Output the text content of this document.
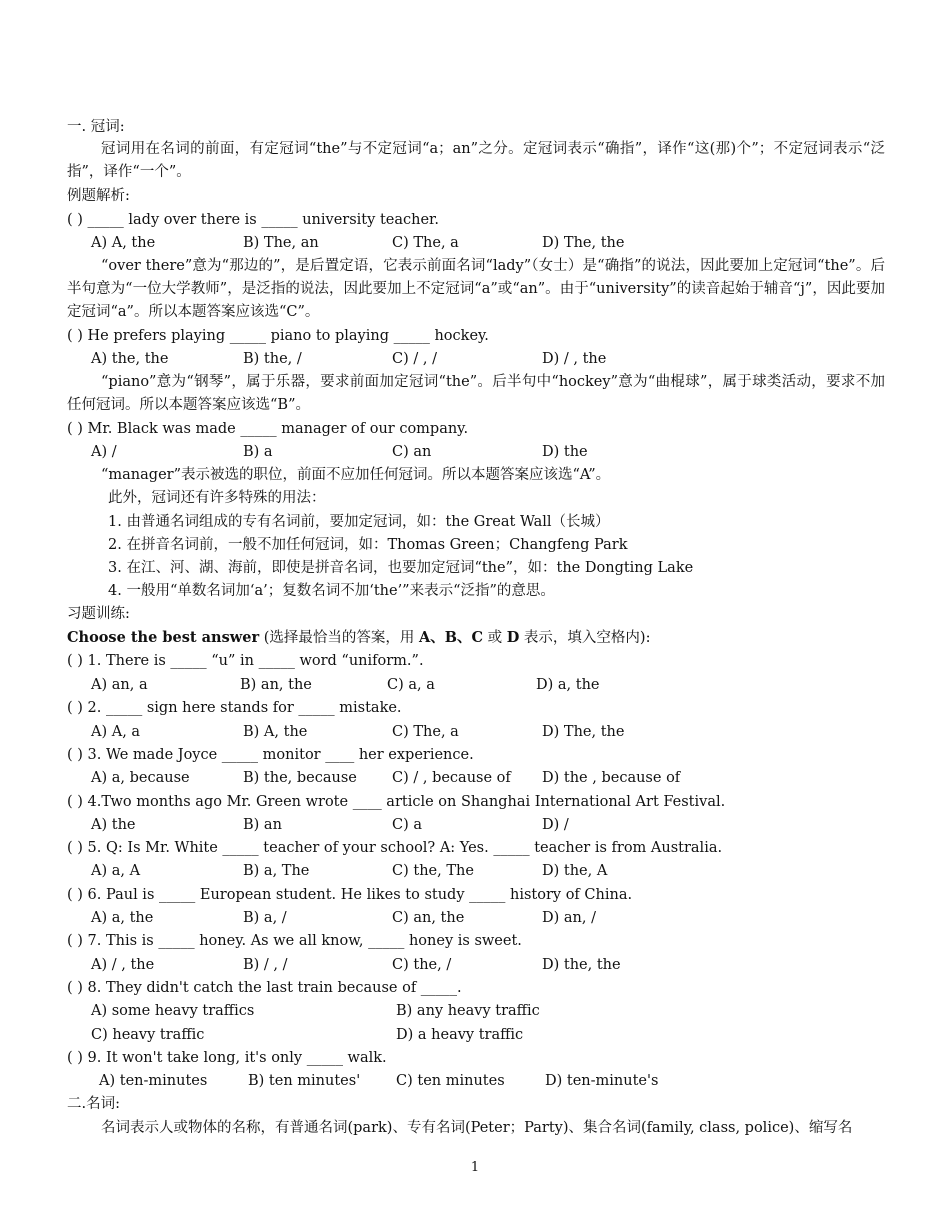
一. 冠词:
冠词用在名词的前面，有定冠词“the”与不定冠词“a；an”之分。定冠词表示“确指”，译作“这(那)个”；不定冠词表示“泛指”，译作“一个”。
例题解析:
( ) _____ lady over there is _____ university teacher.
A) A, the	B) The, an	C) The, a	D) The, the
“over there”意为“那边的”，是后置定语，它表示前面名词“lady”（女士）是“确指”的说法，因此要加上定冠词“the”。后半句意为“一位大学教师”，是泛指的说法，因此要加上不定冠词“a”或“an”。由于“university”的读音起始于辅音“j”，因此要加定冠词“a”。所以本题答案应该选“C”。
( ) He prefers playing _____ piano to playing _____ hockey.
A) the, the	B) the, /	C) / , /	D) / , the
“piano”意为“钢琴”，属于乐器，要求前面加定冠词“the”。后半句中“hockey”意为“曲棍球”，属于球类活动，要求不加任何冠词。所以本题答案应该选“B”。
( ) Mr. Black was made _____ manager of our company.
A) /	B) a	C) an	D) the
“manager”表示被选的职位，前面不应加任何冠词。所以本题答案应该选“A”。
此外，冠词还有许多特殊的用法：
1. 由普通名词组成的专有名词前，要加定冠词，如：the Great Wall（长城）
2. 在拼音名词前，一般不加任何冠词，如：Thomas Green；Changfeng Park
3. 在江、河、湖、海前，即使是拼音名词，也要加定冠词“the”，如：the Dongting Lake
4. 一般用“单数名词加‘a’；复数名词不加‘the’”来表示“泛指”的意思。
习题训练:
Choose the best answer (选择最恰当的答案，用 A、B、C 或 D 表示，填入空格内):
( ) 1. There is _____ “u” in _____ word “uniform.”.
A) an, a	B) an, the	C) a, a	D) a, the
( ) 2. _____ sign here stands for _____ mistake.
A) A, a	B) A, the	C) The, a	D) The, the
( ) 3. We made Joyce _____ monitor ____ her experience.
A) a, because	B) the, because C) / , because of D) the , because of
( ) 4.Two months ago Mr. Green wrote ____ article on Shanghai International Art Festival.
A) the	B) an	C) a	D) /
( ) 5. Q: Is Mr. White _____ teacher of your school? A: Yes. _____ teacher is from Australia.
A) a, A	B) a, The	C) the, The	D) the, A
( ) 6. Paul is _____ European student. He likes to study _____ history of China.
A) a, the	B) a, /	C) an, the	D) an, /
( ) 7. This is _____ honey. As we all know, _____ honey is sweet.
A) / , the	B) / , /	C) the, /	D) the, the
( ) 8. They didn't catch the last train because of _____.
A) some heavy traffics	B) any heavy traffic
C) heavy traffic	D) a heavy traffic
( ) 9. It won't take long, it's only _____ walk.
A) ten-minutes	B) ten minutes' C) ten minutes	D) ten-minute's
二.名词:
名词表示人或物体的名称，有普通名词(park)、专有名词(Peter；Party)、集合名词(family, class, police)、缩写名
1
